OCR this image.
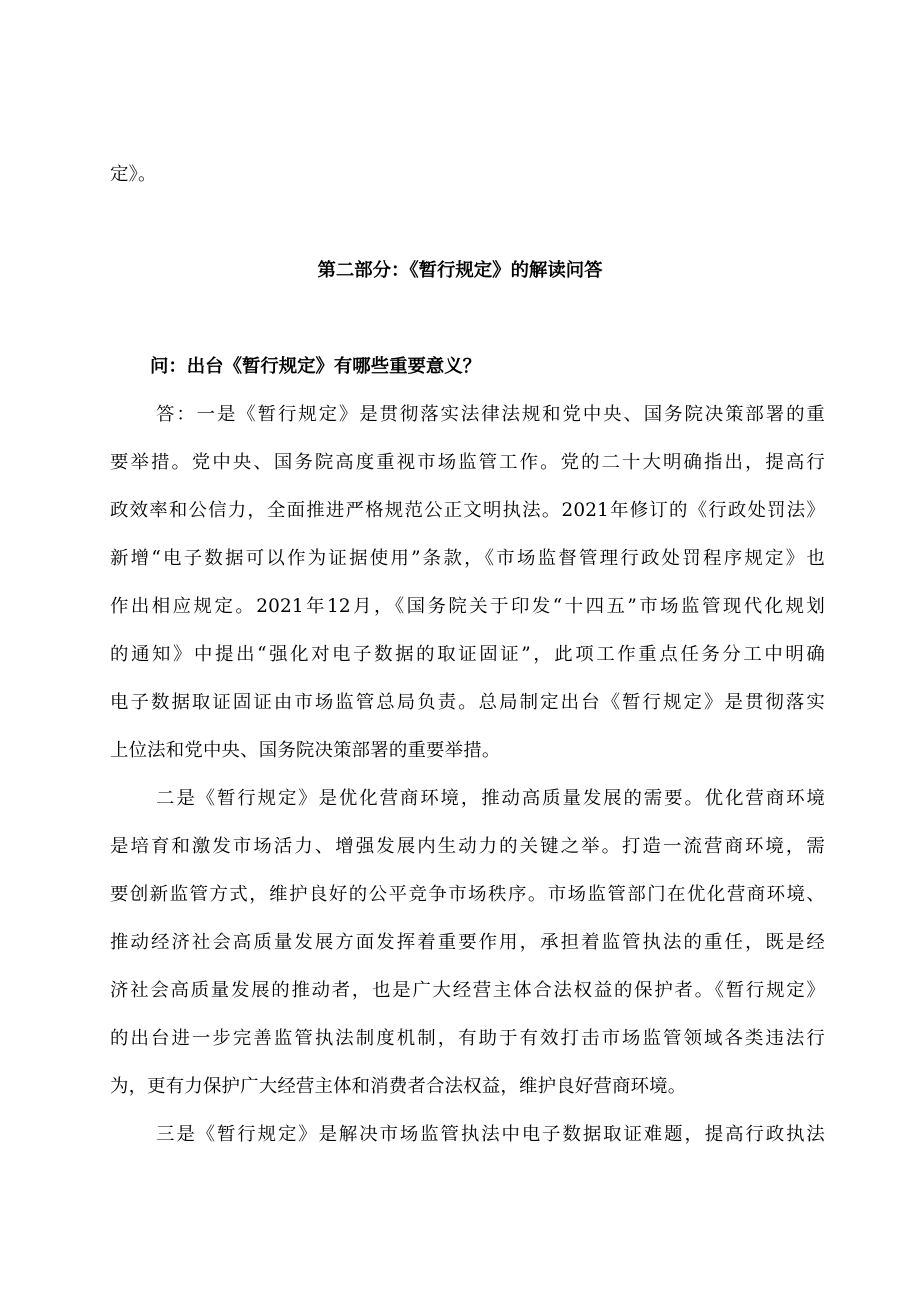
定》。
第二部分：《暂行规定》的解读问答
问：出台《暂行规定》有哪些重要意义？
答：一是《暂行规定》是贯彻落实法律法规和党中央、国务院决策部署的重
要举措。党中央、国务院高度重视市场监管工作。党的二十大明确指出，提高行
政效率和公信力，全面推进严格规范公正文明执法。2021年修订的《行政处罚法》
新增“电子数据可以作为证据使用”条款，《市场监督管理行政处罚程序规定》也
作出相应规定。2021年12月，《国务院关于印发“十四五”市场监管现代化规划
的通知》中提出“强化对电子数据的取证固证”，此项工作重点任务分工中明确
电子数据取证固证由市场监管总局负责。总局制定出台《暂行规定》是贯彻落实
上位法和党中央、国务院决策部署的重要举措。
二是《暂行规定》是优化营商环境，推动高质量发展的需要。优化营商环境
是培育和激发市场活力、增强发展内生动力的关键之举。打造一流营商环境，需
要创新监管方式，维护良好的公平竞争市场秩序。市场监管部门在优化营商环境、
推动经济社会高质量发展方面发挥着重要作用，承担着监管执法的重任，既是经
济社会高质量发展的推动者，也是广大经营主体合法权益的保护者。《暂行规定》
的出台进一步完善监管执法制度机制，有助于有效打击市场监管领域各类违法行
为，更有力保护广大经营主体和消费者合法权益，维护良好营商环境。
三是《暂行规定》是解决市场监管执法中电子数据取证难题，提高行政执法
